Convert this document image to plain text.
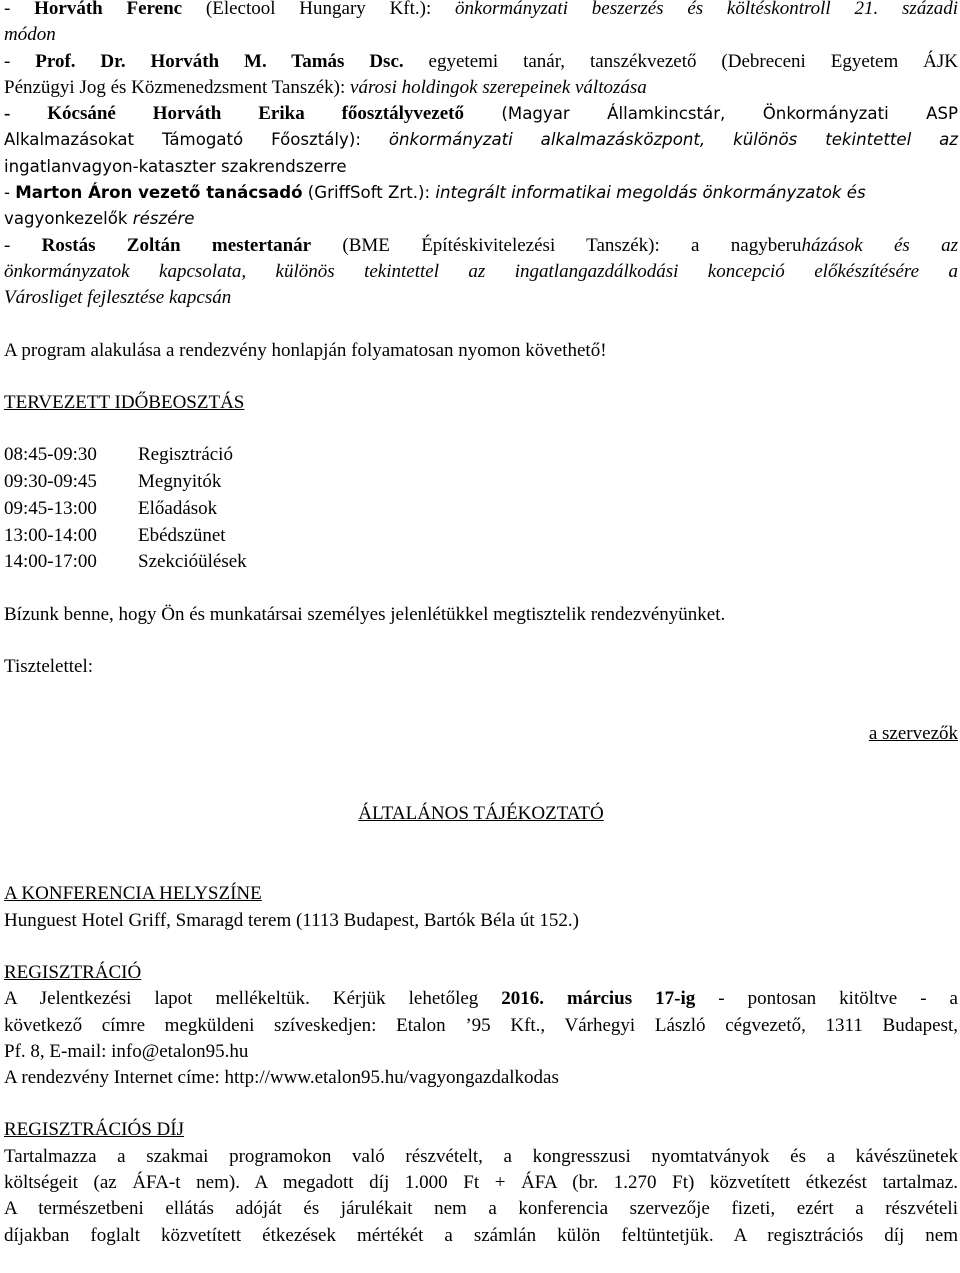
- Horváth Ferenc (Electool Hungary Kft.): önkormányzati beszerzés és költéskontroll 21. századi

módon

- Prof. Dr. Horváth M. Tamás Dsc. egyetemi tanár, tanszékvezető (Debreceni Egyetem ÁJK

Pénzügyi Jog és Közmenedzsment Tanszék): városi holdingok szerepeinek változása

- Kócsáné Horváth Erika főosztályvezető (Magyar Államkincstár, Önkormányzati ASP

Alkalmazásokat Támogató Főosztály): önkormányzati alkalmazásközpont, különös tekintettel az

ingatlanvagyon-kataszter szakrendszerre

- Marton Áron vezető tanácsadó (GriffSoft Zrt.): integrált informatikai megoldás önkormányzatok és

vagyonkezelők részére

- Rostás Zoltán mestertanár (BME Építéskivitelezési Tanszék): a nagyberuházások és az

önkormányzatok kapcsolata, különös tekintettel az ingatlangazdálkodási koncepció előkészítésére a

Városliget fejlesztése kapcsán

A program alakulása a rendezvény honlapján folyamatosan nyomon követhető!

TERVEZETT IDŐBEOSZTÁS

08:45-09:30	Regisztráció
09:30-09:45	Megnyitók
09:45-13:00	Előadások
13:00-14:00	Ebédszünet
14:00-17:00	Szekcióülések

Bízunk benne, hogy Ön és munkatársai személyes jelenlétükkel megtisztelik rendezvényünket.

Tisztelettel:

a szervezők

ÁLTALÁNOS TÁJÉKOZTATÓ

A KONFERENCIA HELYSZÍNE

Hunguest Hotel Griff, Smaragd terem (1113 Budapest, Bartók Béla út 152.)

REGISZTRÁCIÓ

A Jelentkezési lapot mellékeltük. Kérjük lehetőleg 2016. március 17-ig - pontosan kitöltve - a

következő címre megküldeni szíveskedjen: Etalon ’95 Kft., Várhegyi László cégvezető, 1311 Budapest,

Pf. 8, E-mail: info@etalon95.hu

A rendezvény Internet címe: http://www.etalon95.hu/vagyongazdalkodas

REGISZTRÁCIÓS DÍJ

Tartalmazza a szakmai programokon való részvételt, a kongresszusi nyomtatványok és a kávészünetek

költségeit (az ÁFA-t nem). A megadott díj 1.000 Ft + ÁFA (br. 1.270 Ft) közvetített étkezést tartalmaz.

A természetbeni ellátás adóját és járulékait nem a konferencia szervezője fizeti, ezért a részvételi

díjakban foglalt közvetített étkezések mértékét a számlán külön feltüntetjük. A regisztrációs díj nem
